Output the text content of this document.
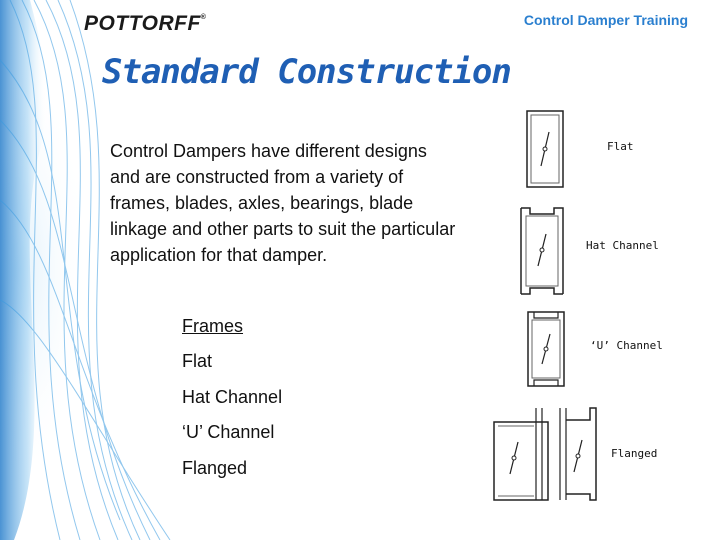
POTTORFF®	Control Damper Training
Standard Construction
Control Dampers have different designs and are constructed from a variety of frames, blades, axles, bearings, blade linkage and other parts to suit the particular application for that damper.
Frames
Flat
Hat Channel
‘U’ Channel
Flanged
Flat
Hat Channel
‘U’ Channel
Flanged
